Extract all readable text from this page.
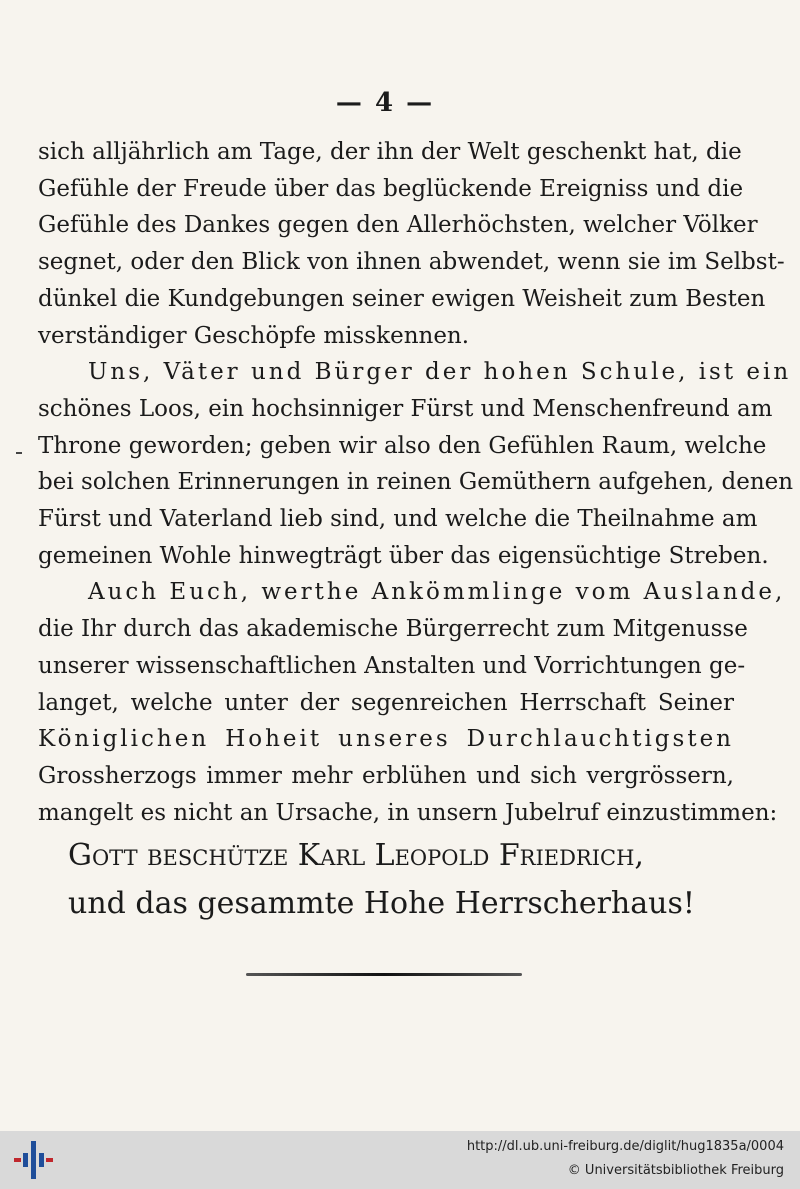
— 4 —
sich alljährlich am Tage, der ihn der Welt geschenkt hat, die
Gefühle der Freude über das beglückende Ereigniss und die
Gefühle des Dankes gegen den Allerhöchsten, welcher Völker
segnet, oder den Blick von ihnen abwendet, wenn sie im Selbst-
dünkel die Kundgebungen seiner ewigen Weisheit zum Besten
verständiger Geschöpfe misskennen.
Uns, Väter und Bürger der hohen Schule, ist ein
schönes Loos, ein hochsinniger Fürst und Menschenfreund am
Throne geworden; geben wir also den Gefühlen Raum, welche
bei solchen Erinnerungen in reinen Gemüthern aufgehen, denen
Fürst und Vaterland lieb sind, und welche die Theilnahme am
gemeinen Wohle hinwegträgt über das eigensüchtige Streben.
Auch Euch, werthe Ankömmlinge vom Auslande,
die Ihr durch das akademische Bürgerrecht zum Mitgenusse
unserer wissenschaftlichen Anstalten und Vorrichtungen ge-
langet, welche unter der segenreichen Herrschaft Seiner
Königlichen Hoheit unseres Durchlauchtigsten
Grossherzogs immer mehr erblühen und sich vergrössern,
mangelt es nicht an Ursache, in unsern Jubelruf einzustimmen:
Gott beschütze Karl Leopold Friedrich,
und das gesammte Hohe Herrscherhaus!
http://dl.ub.uni-freiburg.de/diglit/hug1835a/0004
© Universitätsbibliothek Freiburg
